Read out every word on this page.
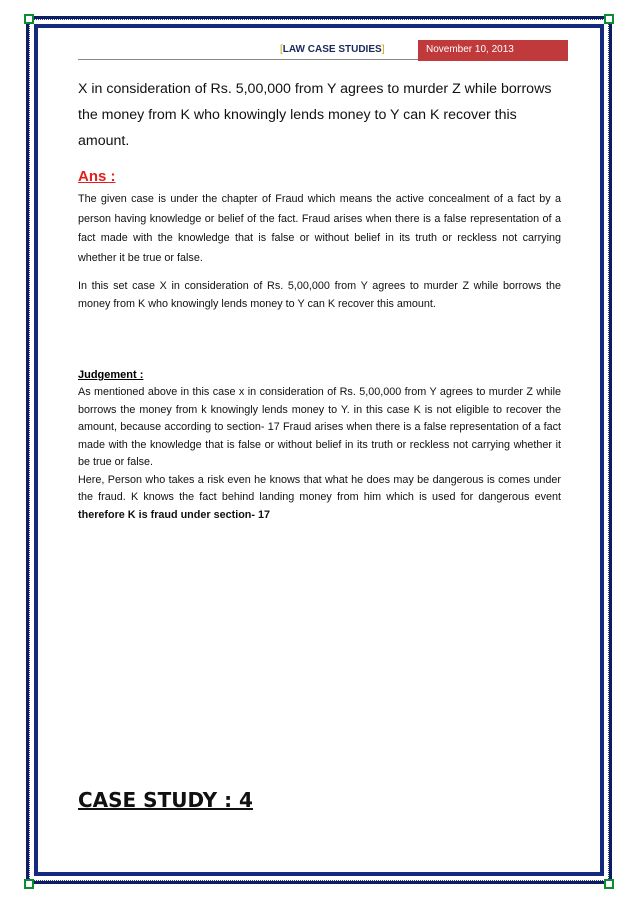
[LAW CASE STUDIES]	November 10, 2013

X in consideration of Rs. 5,00,000 from Y agrees to murder Z while borrows the money from K who knowingly lends money to Y can K recover this amount.

Ans :

The given case is under the chapter of Fraud which means the active concealment of a fact by a person having knowledge or belief of the fact. Fraud arises when there is a false representation of a fact made with the knowledge that is false or without belief in its truth or reckless not carrying whether it be true or false.

In this set case X in consideration of Rs. 5,00,000 from Y agrees to murder Z while borrows the money from K who knowingly lends money to Y can K recover this amount.

Judgement :

As mentioned above in this case x in consideration of Rs. 5,00,000 from Y agrees to murder Z while borrows the money from k knowingly lends money to Y. in this case K is not eligible to recover the amount, because according to section- 17 Fraud arises when there is a false representation of a fact made with the knowledge that is false or without belief in its truth or reckless not carrying whether it be true or false.

Here, Person who takes a risk even he knows that what he does may be dangerous is comes under the fraud. K knows the fact behind landing money from him which is used for dangerous event therefore K is fraud under section- 17

CASE STUDY : 4
